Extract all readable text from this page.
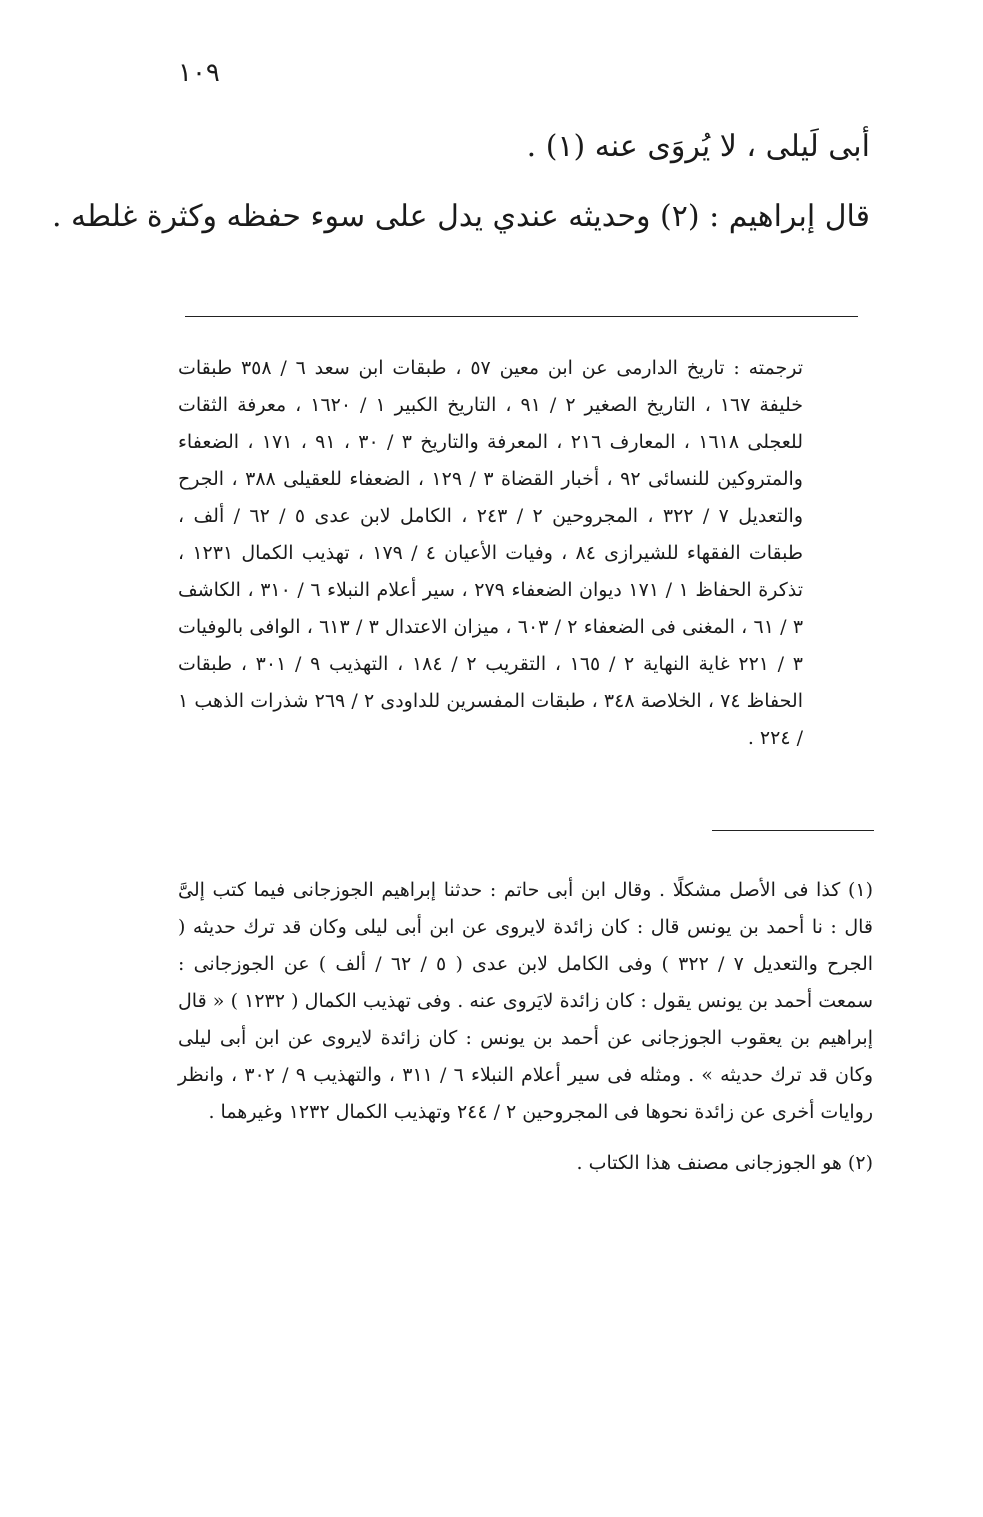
١٠٩
أبى لَيلى ، لا يُروَى عنه (١) .
قال إبراهيم : (٢) وحديثه عندي يدل على سوء حفظه وكثرة غلطه .
ترجمته : تاريخ الدارمى عن ابن معين ٥٧ ، طبقات ابن سعد ٦ / ٣٥٨ طبقات خليفة ١٦٧ ، التاريخ الصغير ٢ / ٩١ ، التاريخ الكبير ١ / ١٦٢٠ ، معرفة الثقات للعجلى ١٦١٨ ، المعارف ٢١٦ ، المعرفة والتاريخ ٣ / ٣٠ ، ٩١ ، ١٧١ ، الضعفاء والمتروكين للنسائى ٩٢ ، أخبار القضاة ٣ / ١٢٩ ، الضعفاء للعقيلى ٣٨٨ ، الجرح والتعديل ٧ / ٣٢٢ ، المجروحين ٢ / ٢٤٣ ، الكامل لابن عدى ٥ / ٦٢ / ألف ، طبقات الفقهاء للشيرازى ٨٤ ، وفيات الأعيان ٤ / ١٧٩ ، تهذيب الكمال ١٢٣١ ، تذكرة الحفاظ ١ / ١٧١ ديوان الضعفاء ٢٧٩ ، سير أعلام النبلاء ٦ / ٣١٠ ، الكاشف ٣ / ٦١ ، المغنى فى الضعفاء ٢ / ٦٠٣ ، ميزان الاعتدال ٣ / ٦١٣ ، الوافى بالوفيات ٣ / ٢٢١ غاية النهاية ٢ / ١٦٥ ، التقريب ٢ / ١٨٤ ، التهذيب ٩ / ٣٠١ ، طبقات الحفاظ ٧٤ ، الخلاصة ٣٤٨ ، طبقات المفسرين للداودى ٢ / ٢٦٩ شذرات الذهب ١ / ٢٢٤ .
(١) كذا فى الأصل مشكلًا . وقال ابن أبى حاتم : حدثنا إبراهيم الجوزجانى فيما كتب إلىَّ قال : نا أحمد بن يونس قال : كان زائدة لايروى عن ابن أبى ليلى وكان قد ترك حديثه ( الجرح والتعديل ٧ / ٣٢٢ ) وفى الكامل لابن عدى ( ٥ / ٦٢ / ألف ) عن الجوزجانى : سمعت أحمد بن يونس يقول : كان زائدة لايَروى عنه . وفى تهذيب الكمال ( ١٢٣٢ ) « قال إبراهيم بن يعقوب الجوزجانى عن أحمد بن يونس : كان زائدة لايروى عن ابن أبى ليلى وكان قد ترك حديثه » . ومثله فى سير أعلام النبلاء ٦ / ٣١١ ، والتهذيب ٩ / ٣٠٢ ، وانظر روايات أخرى عن زائدة نحوها فى المجروحين ٢ / ٢٤٤ وتهذيب الكمال ١٢٣٢ وغيرهما .
(٢) هو الجوزجانى مصنف هذا الكتاب .
